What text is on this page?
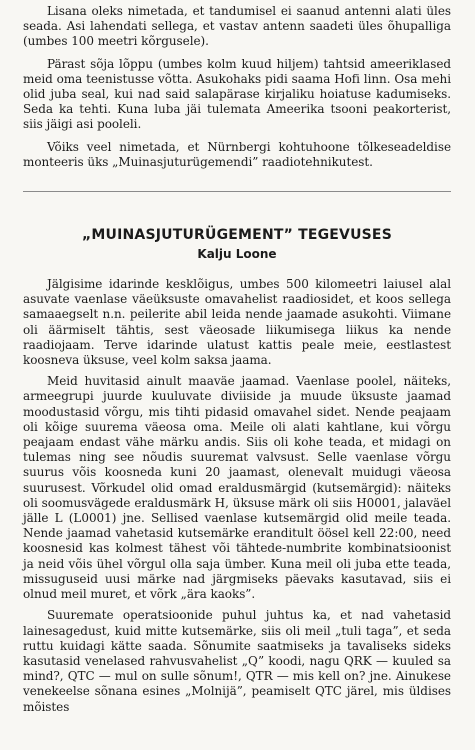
Lisana oleks nimetada, et tandumisel ei saanud antenni alati üles seada. Asi lahendati sellega, et vastav antenn saadeti üles õhupalliga (umbes 100 meetri kõrgusele).

Pärast sõja lõppu (umbes kolm kuud hiljem) tahtsid ameeriklased meid oma teenistusse võtta. Asukohaks pidi saama Hofi linn. Osa mehi olid juba seal, kui nad said salapärase kirjaliku hoiatuse kadumiseks. Seda ka tehti. Kuna luba jäi tulemata Ameerika tsooni peakorterist, siis jäigi asi pooleli.

Võiks veel nimetada, et Nürnbergi kohtuhoone tõlkeseadeldise monteeris üks „Muinasjuturügemendi” raadiotehnikutest.

„MUINASJUTURÜGEMENT” TEGEVUSES
Kalju Loone

Jälgisime idarinde kesklõigus, umbes 500 kilomeetri laiusel alal asuvate vaenlase väeüksuste omavahelist raadiosidet, et koos sellega samaaegselt n.n. peilerite abil leida nende jaamade asukohti. Viimane oli äärmiselt tähtis, sest väeosade liikumisega liikus ka nende raadiojaam. Terve idarinde ulatust kattis peale meie, eestlastest koosneva üksuse, veel kolm saksa jaama.

Meid huvitasid ainult maaväe jaamad. Vaenlase poolel, näiteks, armeegrupi juurde kuuluvate diviiside ja muude üksuste jaamad moodustasid võrgu, mis tihti pidasid omavahel sidet. Nende peajaam oli kõige suurema väeosa oma. Meile oli alati kahtlane, kui võrgu peajaam endast vähe märku andis. Siis oli kohe teada, et midagi on tulemas ning see nõudis suuremat valvsust. Selle vaenlase võrgu suurus võis koosneda kuni 20 jaamast, olenevalt muidugi väeosa suurusest. Võrkudel olid omad eraldusmärgid (kutsemärgid): näiteks oli soomusvägede eraldusmärk H, üksuse märk oli siis H0001, jalaväel jälle L (L0001) jne. Sellised vaenlase kutsemärgid olid meile teada. Nende jaamad vahetasid kutsemärke eranditult öösel kell 22:00, need koosnesid kas kolmest tähest või tähtede-numbrite kombinatsioonist ja neid võis ühel võrgul olla saja ümber. Kuna meil oli juba ette teada, missuguseid uusi märke nad järgmiseks päevaks kasutavad, siis ei olnud meil muret, et võrk „ära kaoks”.

Suuremate operatsioonide puhul juhtus ka, et nad vahetasid lainesagedust, kuid mitte kutsemärke, siis oli meil „tuli taga”, et seda ruttu kuidagi kätte saada. Sõnumite saatmiseks ja tavaliseks sideks kasutasid venelased rahvusvahelist „Q” koodi, nagu QRK — kuuled sa mind?, QTC — mul on sulle sõnum!, QTR — mis kell on? jne. Ainukese venekeelse sõnana esines „Molnijä”, peamiselt QTC järel, mis üldises mõistes
